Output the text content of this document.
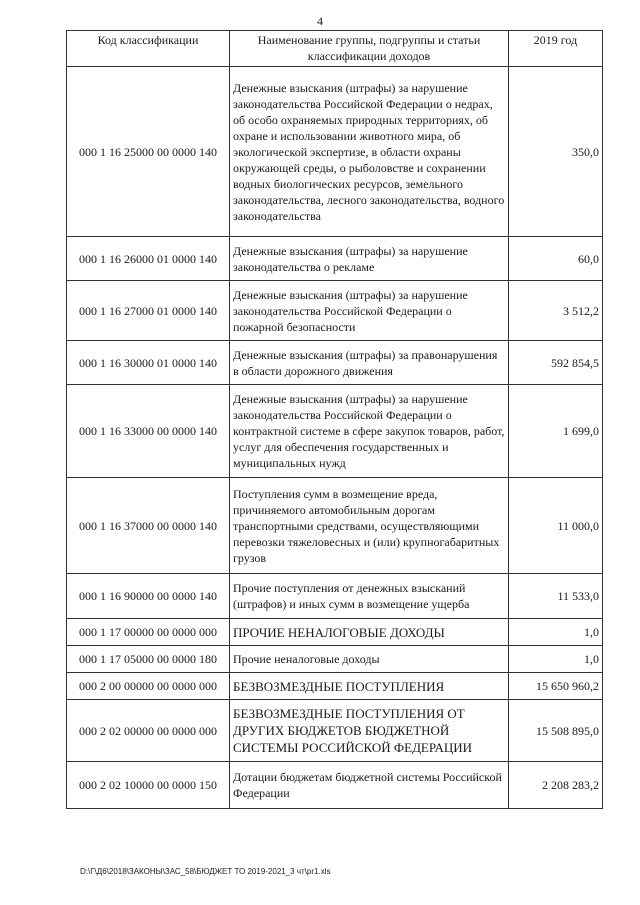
4
Код классификации	Наименование группы, подгруппы и статьи классификации доходов	2019 год
000 1 16 25000 00 0000 140	Денежные взыскания (штрафы) за нарушение законодательства Российской Федерации о недрах, об особо охраняемых природных территориях, об охране и использовании животного мира, об экологической экспертизе, в области охраны окружающей среды, о рыболовстве и сохранении водных биологических ресурсов, земельного законодательства, лесного законодательства, водного законодательства	350,0
000 1 16 26000 01 0000 140	Денежные взыскания (штрафы) за нарушение законодательства о рекламе	60,0
000 1 16 27000 01 0000 140	Денежные взыскания (штрафы) за нарушение законодательства Российской Федерации о пожарной безопасности	3 512,2
000 1 16 30000 01 0000 140	Денежные взыскания (штрафы) за правонарушения в области дорожного движения	592 854,5
000 1 16 33000 00 0000 140	Денежные взыскания (штрафы) за нарушение законодательства Российской Федерации о контрактной системе в сфере закупок товаров, работ, услуг для обеспечения государственных и муниципальных нужд	1 699,0
000 1 16 37000 00 0000 140	Поступления сумм в возмещение вреда, причиняемого автомобильным дорогам транспортными средствами, осуществляющими перевозки тяжеловесных и (или) крупногабаритных грузов	11 000,0
000 1 16 90000 00 0000 140	Прочие поступления от денежных взысканий (штрафов) и иных сумм в возмещение ущерба	11 533,0
000 1 17 00000 00 0000 000	ПРОЧИЕ НЕНАЛОГОВЫЕ ДОХОДЫ	1,0
000 1 17 05000 00 0000 180	Прочие неналоговые доходы	1,0
000 2 00 00000 00 0000 000	БЕЗВОЗМЕЗДНЫЕ ПОСТУПЛЕНИЯ	15 650 960,2
000 2 02 00000 00 0000 000	БЕЗВОЗМЕЗДНЫЕ ПОСТУПЛЕНИЯ ОТ ДРУГИХ БЮДЖЕТОВ БЮДЖЕТНОЙ СИСТЕМЫ РОССИЙСКОЙ ФЕДЕРАЦИИ	15 508 895,0
000 2 02 10000 00 0000 150	Дотации бюджетам бюджетной системы Российской Федерации	2 208 283,2
D:\Г\Д6\2018\ЗАКОНЫ\ЗАС_58\БЮДЖЕТ ТО 2019-2021_3 чт\pr1.xls
